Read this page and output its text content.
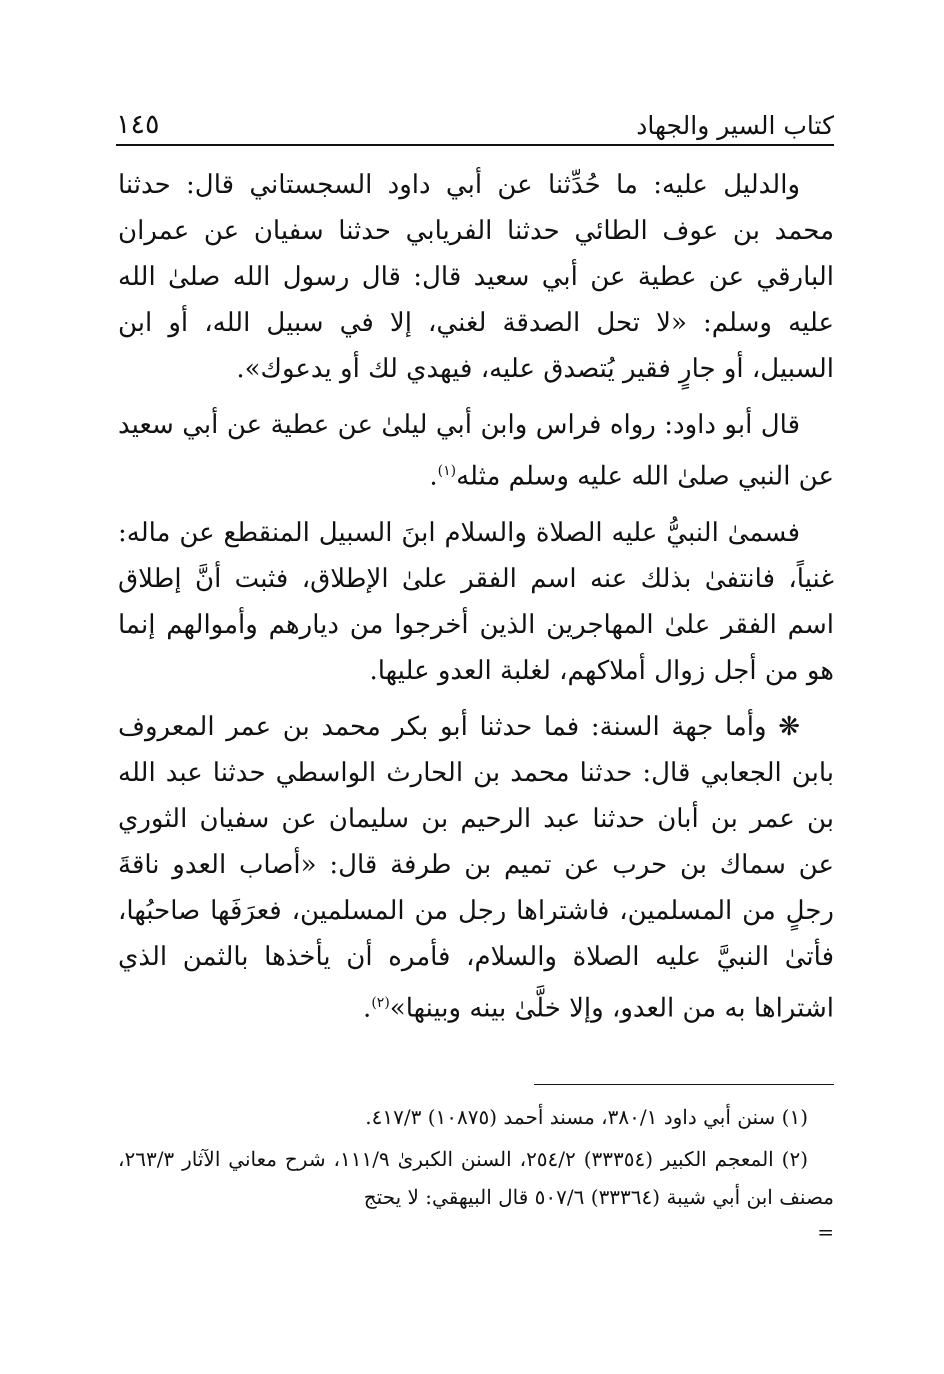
كتاب السير والجهاد
١٤٥

والدليل عليه: ما حُدِّثنا عن أبي داود السجستاني قال: حدثنا محمد بن عوف الطائي حدثنا الفريابي حدثنا سفيان عن عمران البارقي عن عطية عن أبي سعيد قال: قال رسول الله صلىٰ الله عليه وسلم: «لا تحل الصدقة لغني، إلا في سبيل الله، أو ابن السبيل، أو جارٍ فقير يُتصدق عليه، فيهدي لك أو يدعوك».

قال أبو داود: رواه فراس وابن أبي ليلىٰ عن عطية عن أبي سعيد عن النبي صلىٰ الله عليه وسلم مثله$^{(١)}$.

فسمىٰ النبيُّ عليه الصلاة والسلام ابنَ السبيل المنقطع عن ماله: غنياً، فانتفىٰ بذلك عنه اسم الفقر علىٰ الإطلاق، فثبت أنَّ إطلاق اسم الفقر علىٰ المهاجرين الذين أخرجوا من ديارهم وأموالهم إنما هو من أجل زوال أملاكهم، لغلبة العدو عليها.

❋ وأما جهة السنة: فما حدثنا أبو بكر محمد بن عمر المعروف بابن الجعابي قال: حدثنا محمد بن الحارث الواسطي حدثنا عبد الله بن عمر بن أبان حدثنا عبد الرحيم بن سليمان عن سفيان الثوري عن سماك بن حرب عن تميم بن طرفة قال: «أصاب العدو ناقةَ رجلٍ من المسلمين، فاشتراها رجل من المسلمين، فعرَفَها صاحبُها، فأتىٰ النبيَّ عليه الصلاة والسلام، فأمره أن يأخذها بالثمن الذي اشتراها به من العدو، وإلا خلَّىٰ بينه وبينها»$^{(٢)}$.

(١) سنن أبي داود ٣٨٠/١، مسند أحمد (١٠٨٧٥) ٤١٧/٣.

(٢) المعجم الكبير (٣٣٣٥٤) ٢٥٤/٢، السنن الكبرىٰ ١١١/٩، شرح معاني الآثار ٢٦٣/٣، مصنف ابن أبي شيبة (٣٣٣٦٤) ٥٠٧/٦ قال البيهقي: لا يحتج

=
